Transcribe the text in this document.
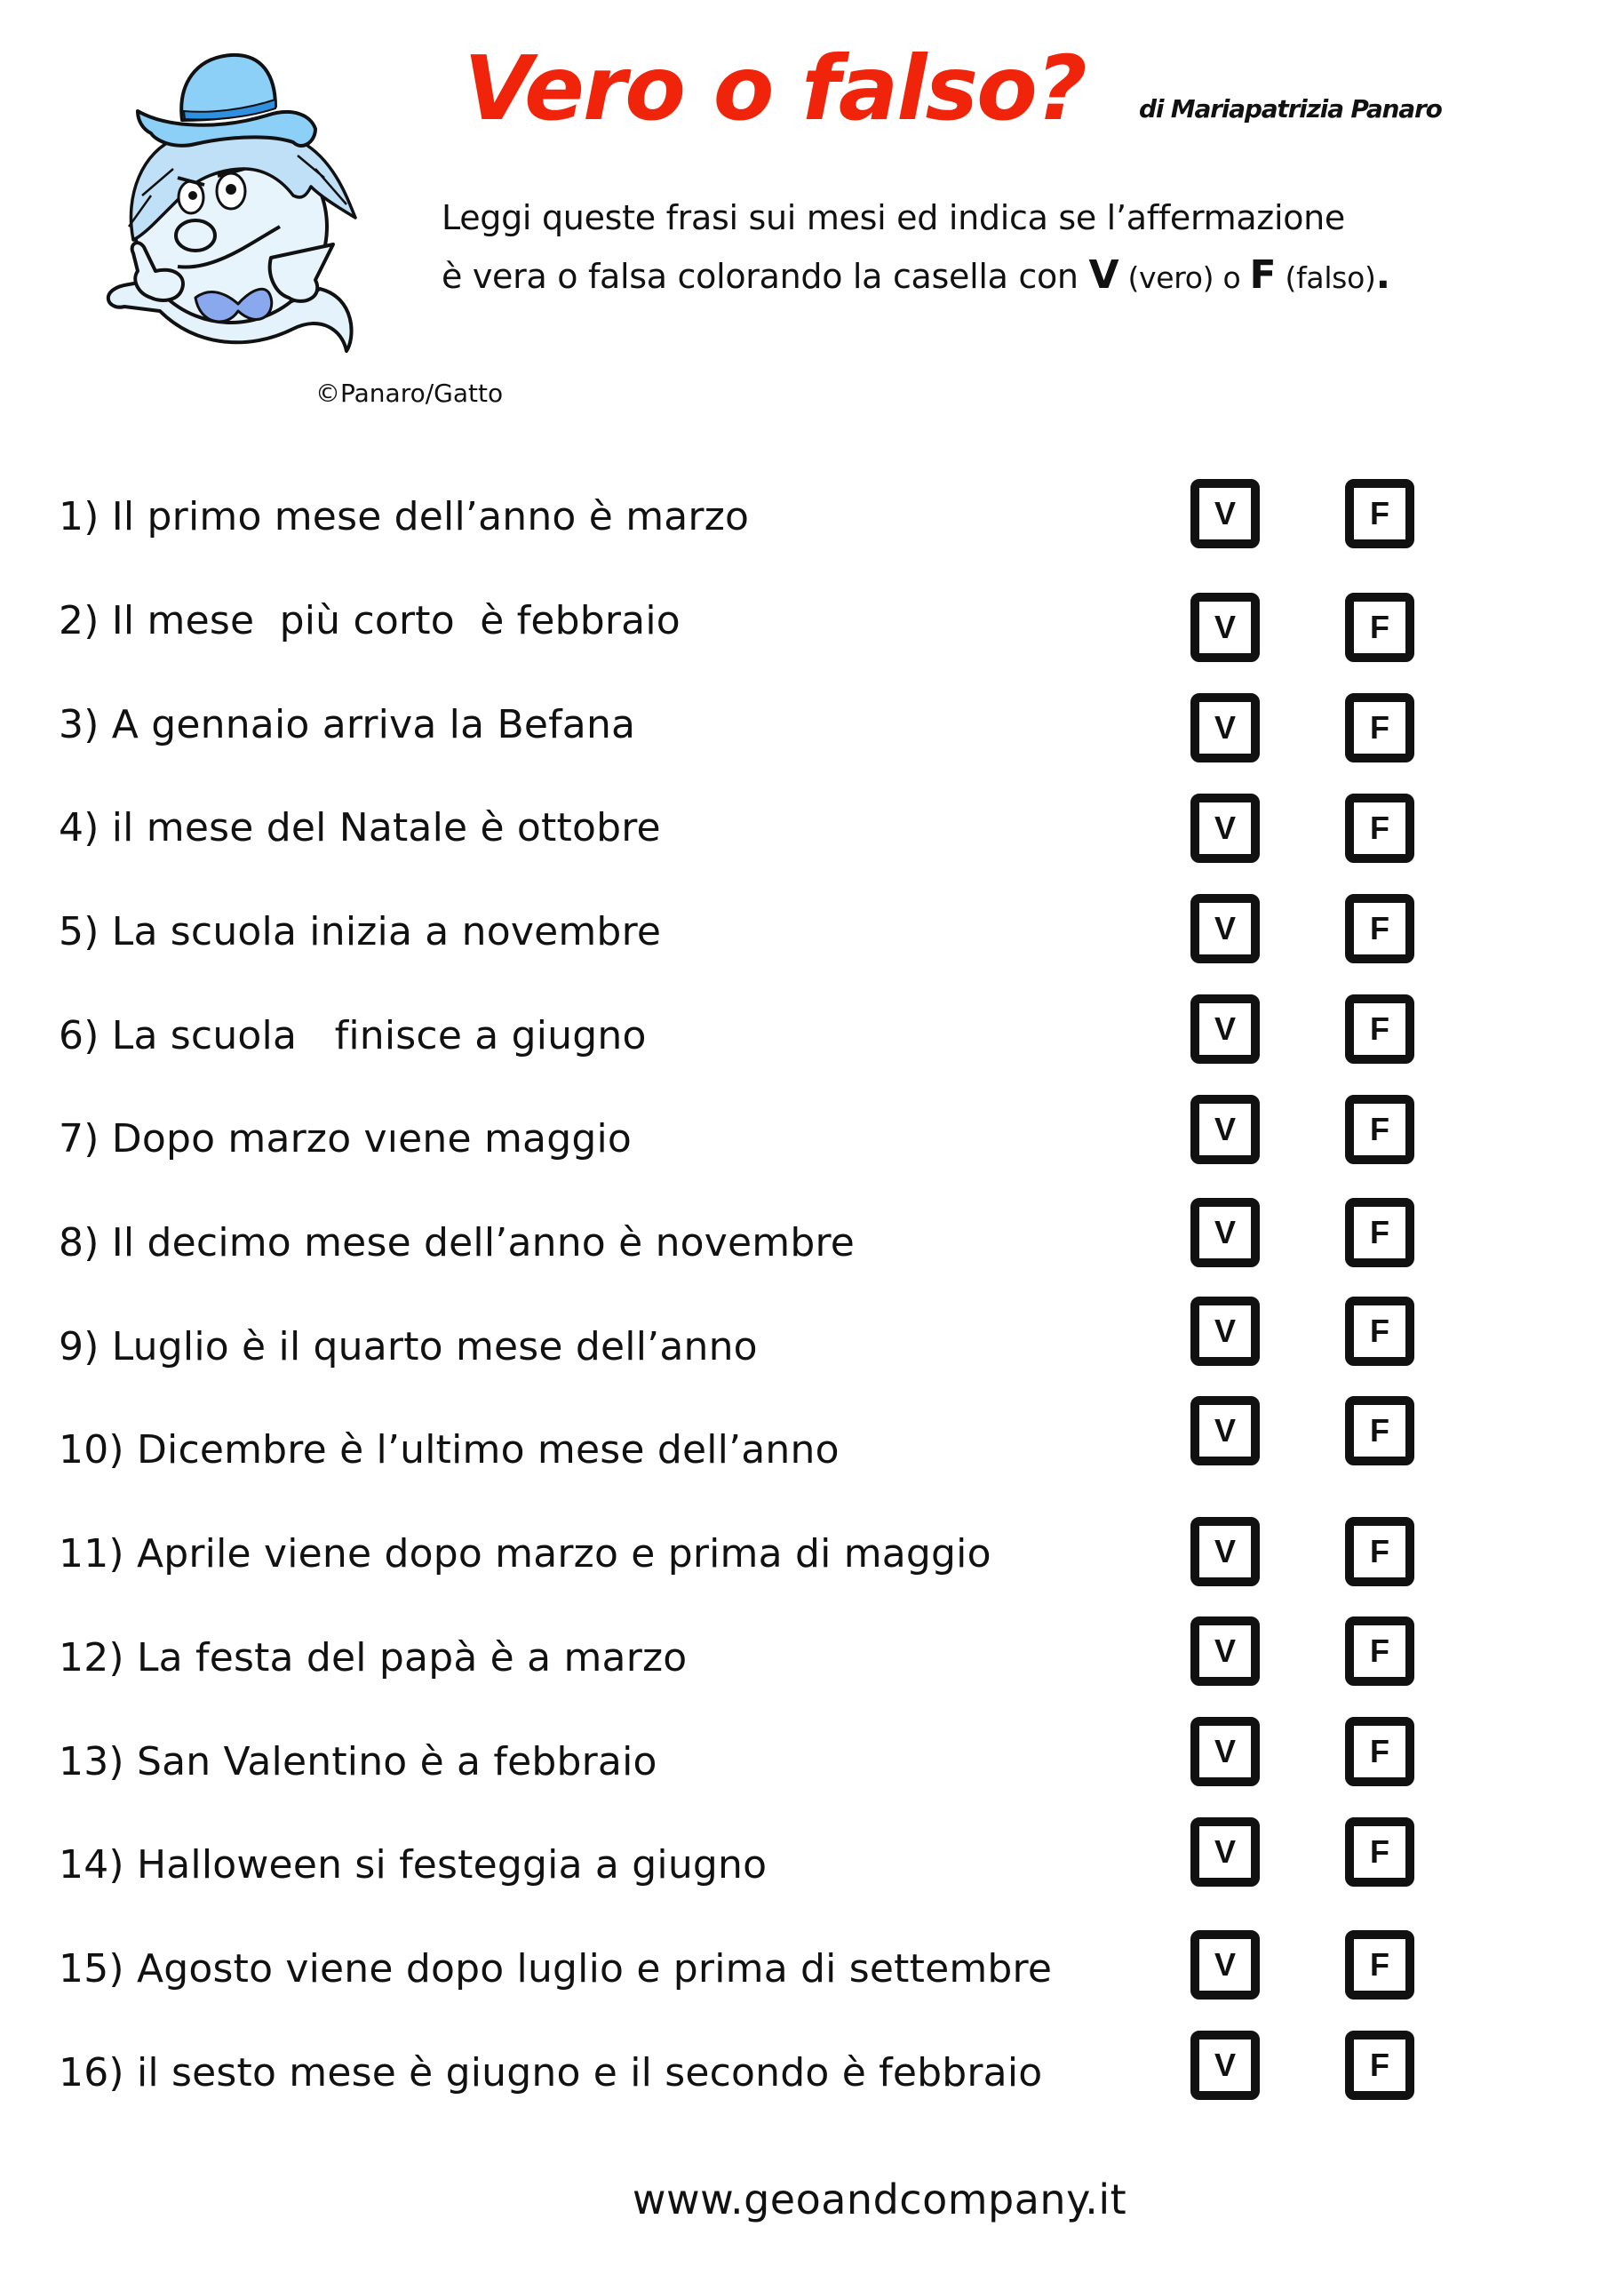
Vero o falso? di Mariapatrizia Panaro
Leggi queste frasi sui mesi ed indica se l’affermazione
è vera o falsa colorando la casella con V (vero) o F (falso).
©Panaro/Gatto
1) Il primo mese dell’anno è marzo	V	F
2) Il mese  più corto  è febbraio	V	F
3) A gennaio arriva la Befana	V	F
4) il mese del Natale è ottobre	V	F
5) La scuola inizia a novembre	V	F
6) La scuola   finisce a giugno	V	F
7) Dopo marzo vıene maggio	V	F
8) Il decimo mese dell’anno è novembre	V	F
9) Luglio è il quarto mese dell’anno	V	F
10) Dicembre è l’ultimo mese dell’anno	V	F
11) Aprile viene dopo marzo e prima di maggio	V	F
12) La festa del papà è a marzo	V	F
13) San Valentino è a febbraio	V	F
14) Halloween si festeggia a giugno	V	F
15) Agosto viene dopo luglio e prima di settembre	V	F
16) il sesto mese è giugno e il secondo è febbraio	V	F
www.geoandcompany.it
